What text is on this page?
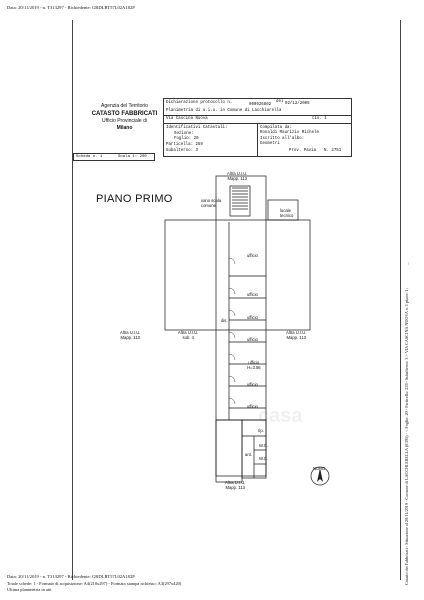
Data: 20/11/2019 - n. T313297 - Richiedente: GRDLRT57L02A182P
Agenzia del Territorio
CATASTO FABBRICATI
Ufficio Provinciale di
Milano
Dichiarazione protocollo n.	000926802
del 02/12/2005
Planimetria di u.i.u. in Comune di Lacchiarella
Via Cascina Nuova	civ. 1
Identificativi Catastali:
Sezione:
Foglio: 20
Particella: 259
Subalterno: 3
Compilata da:
Ronaldi Maurizio Michele
Iscritto all'albo:
Geometri
Prov. Pavia N. 2751
Scheda n. 1	Scala 1: 200
PIANO PRIMO
Altra U.I.U.
Mapp. 113
vano scala comune
locale tecnico
Altra U.I.U.
Mapp. 113
Altra U.I.U.
sub. 4
Altra U.I.U.
Mapp. 113
dis.
ufficio
ufficio
ufficio
ufficio
ufficio
H=3.56
ufficio
ufficio
rip.
W.C.
W.C.
ant.
NORD
Altra U.I.U.
Mapp. 113
casa	Catasto dei Fabbricati - Situazione al 20/11/2019 - Comune di LACCHIARELLA (E395) - < Foglio: 20 - Particella: 259 - Subalterno: 3 > VIA CASCINA NUOVA n. 1 piano: 1;
...
Data: 20/11/2019 - n. T313297 - Richiedente: GRDLRT57L02A182P
Totale schede: 1 - Formato di acquisizione: A4(210x297) - Formato stampa richiesto: A3(297x420)
Ultima planimetria in atti
